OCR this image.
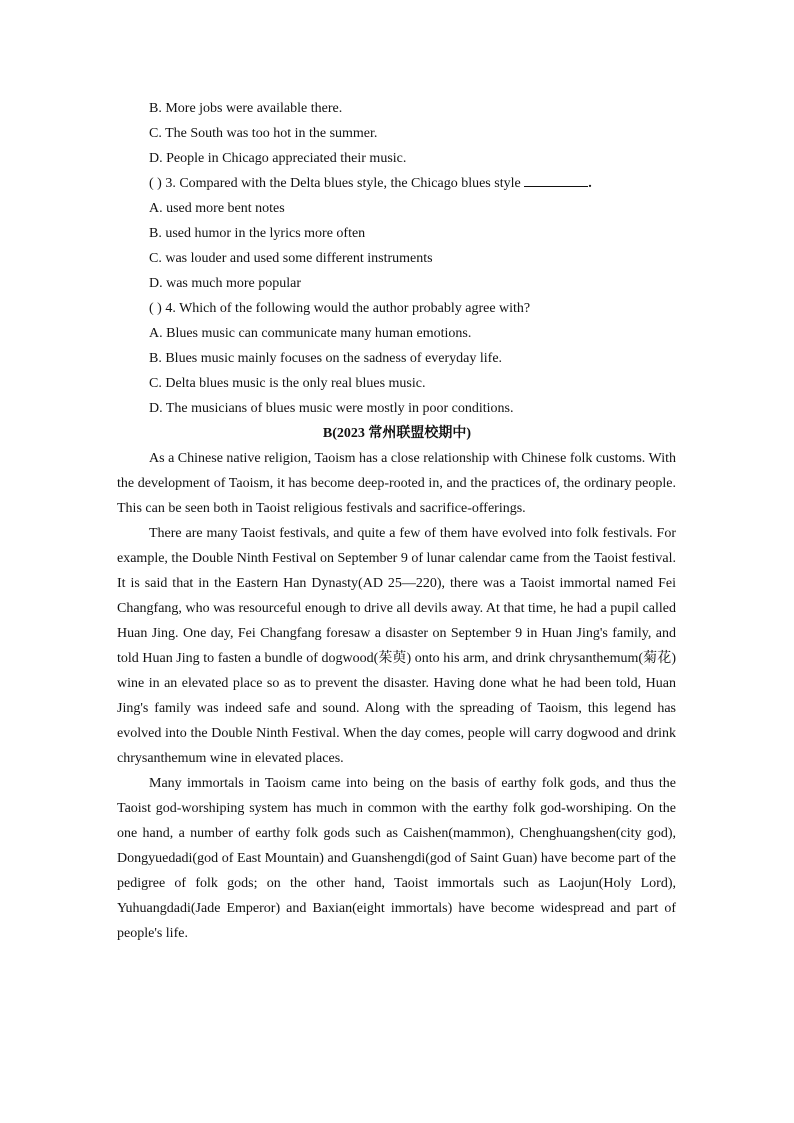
B. More jobs were available there.
C. The South was too hot in the summer.
D. People in Chicago appreciated their music.
( ) 3. Compared with the Delta blues style, the Chicago blues style	.
A. used more bent notes
B. used humor in the lyrics more often
C. was louder and used some different instruments
D. was much more popular
( ) 4. Which of the following would the author probably agree with?
A. Blues music can communicate many human emotions.
B. Blues music mainly focuses on the sadness of everyday life.
C. Delta blues music is the only real blues music.
D. The musicians of blues music were mostly in poor conditions.
B(2023 常州联盟校期中)

As a Chinese native religion, Taoism has a close relationship with Chinese folk customs. With the development of Taoism, it has become deep-rooted in, and the practices of, the ordinary people. This can be seen both in Taoist religious festivals and sacrifice-offerings.

There are many Taoist festivals, and quite a few of them have evolved into folk festivals. For example, the Double Ninth Festival on September 9 of lunar calendar came from the Taoist festival. It is said that in the Eastern Han Dynasty(AD 25—220), there was a Taoist immortal named Fei Changfang, who was resourceful enough to drive all devils away. At that time, he had a pupil called Huan Jing. One day, Fei Changfang foresaw a disaster on September 9 in Huan Jing's family, and told Huan Jing to fasten a bundle of dogwood(茱萸) onto his arm, and drink chrysanthemum(菊花) wine in an elevated place so as to prevent the disaster. Having done what he had been told, Huan Jing's family was indeed safe and sound. Along with the spreading of Taoism, this legend has evolved into the Double Ninth Festival. When the day comes, people will carry dogwood and drink chrysanthemum wine in elevated places.

Many immortals in Taoism came into being on the basis of earthy folk gods, and thus the Taoist god-worshiping system has much in common with the earthy folk god-worshiping. On the one hand, a number of earthy folk gods such as Caishen(mammon), Chenghuangshen(city god), Dongyuedadi(god of East Mountain) and Guanshengdi(god of Saint Guan) have become part of the pedigree of folk gods; on the other hand, Taoist immortals such as Laojun(Holy Lord), Yuhuangdadi(Jade Emperor) and Baxian(eight immortals) have become widespread and part of people's life.
